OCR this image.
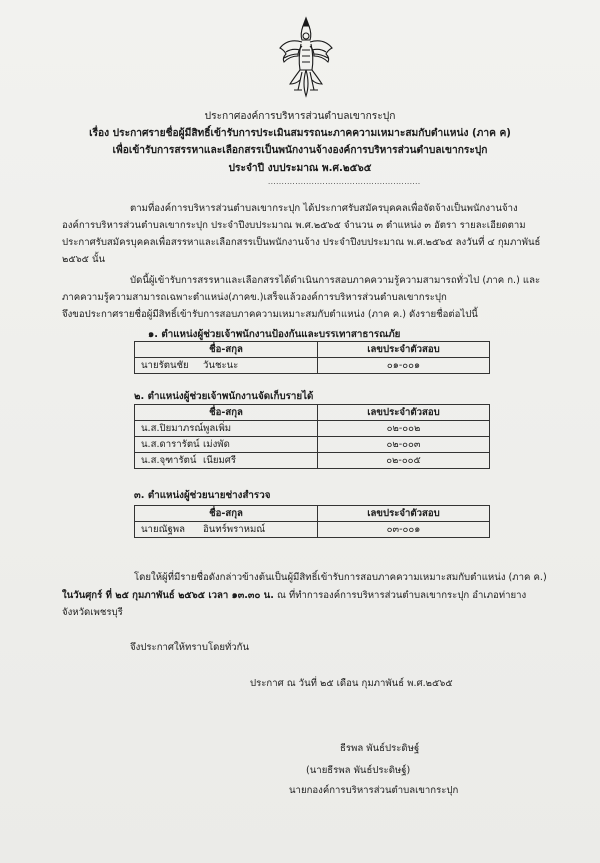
ประกาศองค์การบริหารส่วนตำบลเขากระปุก
เรื่อง ประกาศรายชื่อผู้มีสิทธิ์เข้ารับการประเมินสมรรถนะภาคความเหมาะสมกับตำแหน่ง (ภาค ค)
เพื่อเข้ารับการสรรหาและเลือกสรรเป็นพนักงานจ้างองค์การบริหารส่วนตำบลเขากระปุก
ประจำปี งบประมาณ พ.ศ.๒๕๖๕
........................................................
ตามที่องค์การบริหารส่วนตำบลเขากระปุก ได้ประกาศรับสมัครบุคคลเพื่อจัดจ้างเป็นพนักงานจ้าง
องค์การบริหารส่วนตำบลเขากระปุก ประจำปีงบประมาณ พ.ศ.๒๕๖๕ จำนวน ๓ ตำแหน่ง ๓ อัตรา รายละเอียดตาม
ประกาศรับสมัครบุคคลเพื่อสรรหาและเลือกสรรเป็นพนักงานจ้าง ประจำปีงบประมาณ พ.ศ.๒๕๖๕ ลงวันที่ ๔ กุมภาพันธ์
๒๕๖๕ นั้น
บัดนี้ผู้เข้ารับการสรรหาและเลือกสรรได้ดำเนินการสอบภาคความรู้ความสามารถทั่วไป (ภาค ก.) และ
ภาคความรู้ความสามารถเฉพาะตำแหน่ง(ภาคข.)เสร็จแล้วองค์การบริหารส่วนตำบลเขากระปุก
จึงขอประกาศรายชื่อผู้มีสิทธิ์เข้ารับการสอบภาคความเหมาะสมกับตำแหน่ง (ภาค ค.) ดังรายชื่อต่อไปนี้
๑. ตำแหน่งผู้ช่วยเจ้าพนักงานป้องกันและบรรเทาสาธารณภัย
ชื่อ-สกุล	เลขประจำตัวสอบ
นายรัตนชัย วันชะนะ	๐๑-๐๐๑
๒. ตำแหน่งผู้ช่วยเจ้าพนักงานจัดเก็บรายได้
ชื่อ-สกุล	เลขประจำตัวสอบ
น.ส.ปิยมาภรณ์พูลเพิ่ม	๐๒-๐๐๒
น.ส.ดารารัตน์ เม่งพัด	๐๒-๐๐๓
น.ส.จุฑารัตน์ เนียมศรี	๐๒-๐๐๕
๓. ตำแหน่งผู้ช่วยนายช่างสำรวจ
ชื่อ-สกุล	เลขประจำตัวสอบ
นายณัฐพล อินทร์พราหมณ์	๐๓-๐๐๑
โดยให้ผู้ที่มีรายชื่อดังกล่าวข้างต้นเป็นผู้มีสิทธิ์เข้ารับการสอบภาคความเหมาะสมกับตำแหน่ง (ภาค ค.)
ในวันศุกร์ ที่ ๒๕ กุมภาพันธ์ ๒๕๖๕ เวลา ๑๓.๓๐ น. ณ ที่ทำการองค์การบริหารส่วนตำบลเขากระปุก อำเภอท่ายาง
จังหวัดเพชรบุรี
จึงประกาศให้ทราบโดยทั่วกัน
ประกาศ ณ วันที่ ๒๕ เดือน กุมภาพันธ์ พ.ศ.๒๕๖๕
ธีรพล พันธ์ประดิษฐ์
(นายธีรพล พันธ์ประดิษฐ์)
นายกองค์การบริหารส่วนตำบลเขากระปุก
